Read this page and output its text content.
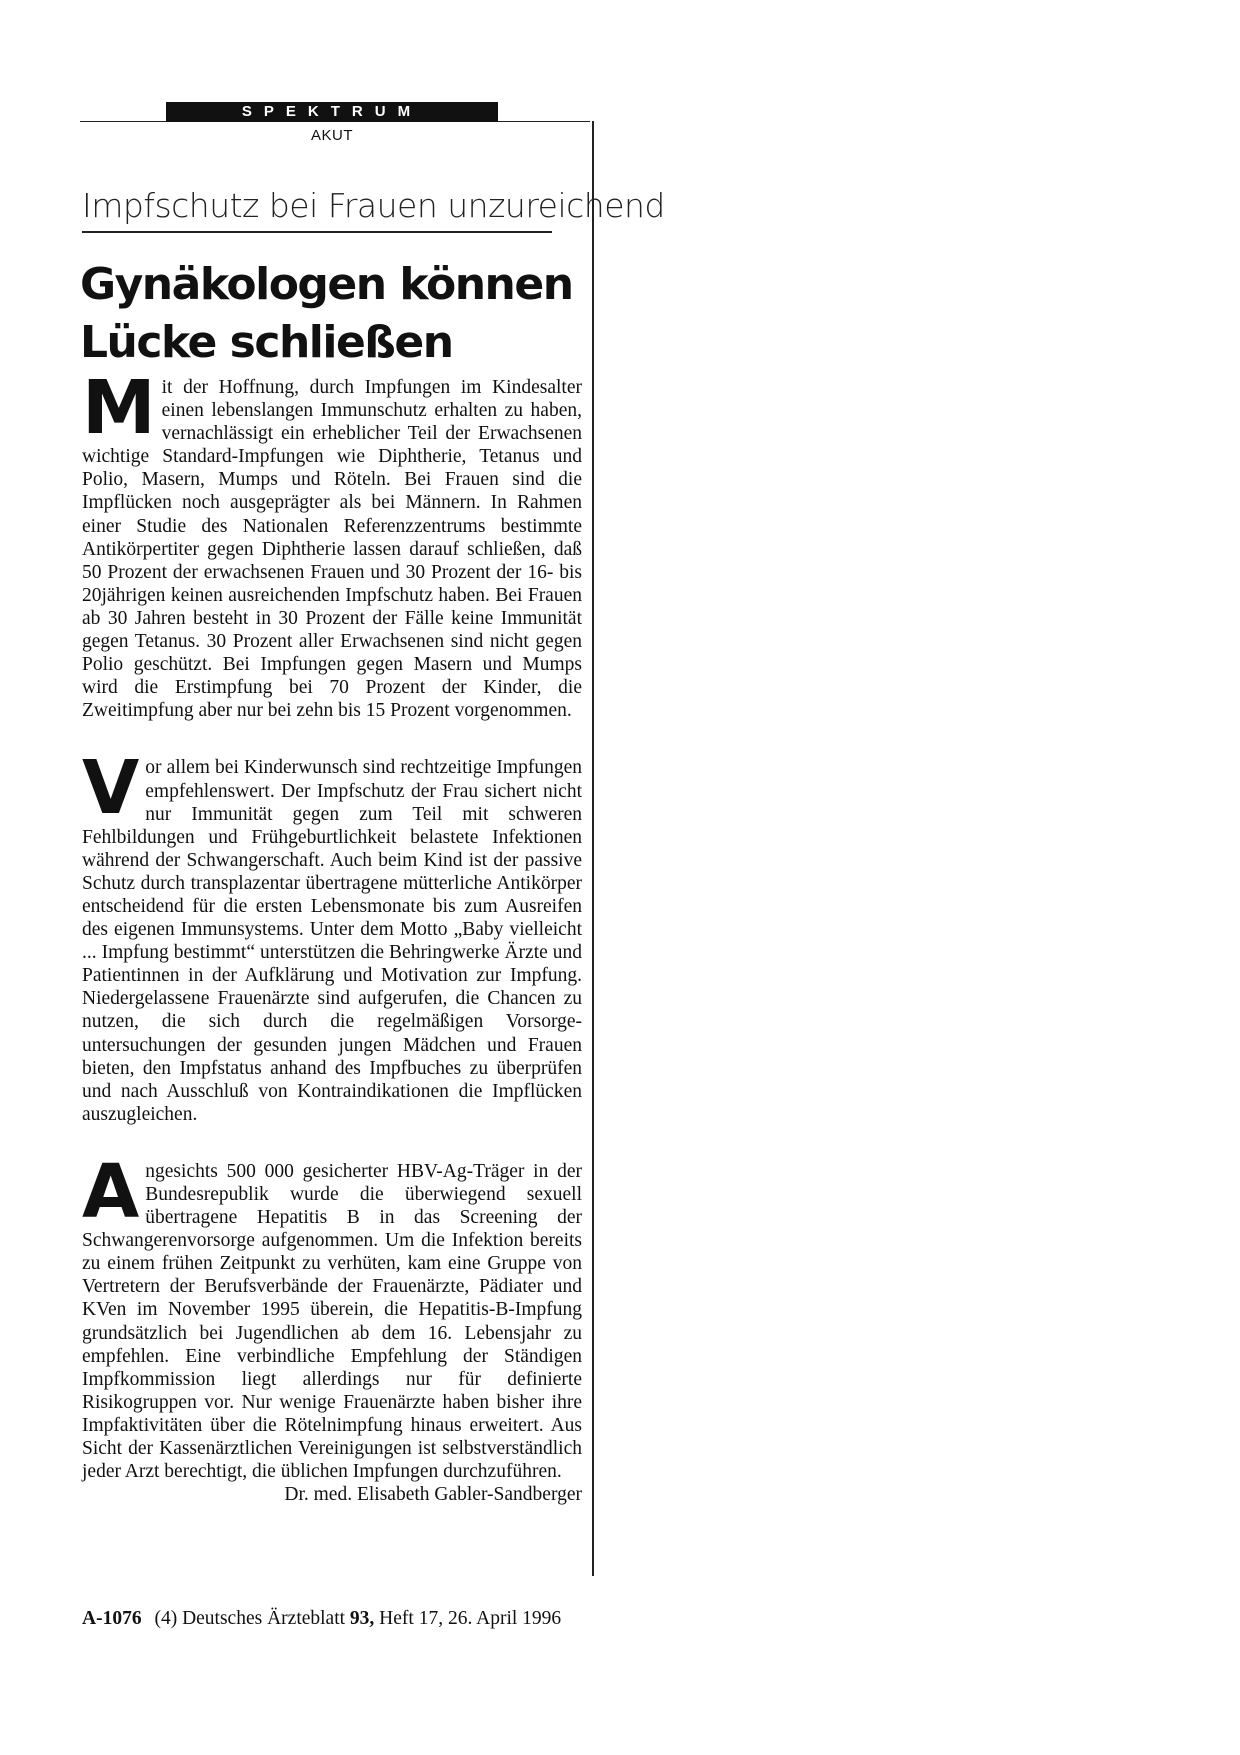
SPEKTRUM
AKUT
Impfschutz bei Frauen unzureichend
Gynäkologen können Lücke schließen

Mit der Hoffnung, durch Impfungen im Kindesalter einen lebenslangen Immunschutz erhalten zu haben, vernachlässigt ein erheblicher Teil der Erwachsenen wichtige Standard-Impfungen wie Diphtherie, Tetanus und Polio, Masern, Mumps und Röteln. Bei Frauen sind die Impflücken noch ausgeprägter als bei Männern. In Rahmen einer Studie des Nationalen Referenzzentrums bestimmte Antikörpertiter gegen Diphtherie lassen darauf schließen, daß 50 Prozent der erwachsenen Frauen und 30 Prozent der 16- bis 20jährigen keinen ausreichenden Impfschutz haben. Bei Frauen ab 30 Jahren besteht in 30 Prozent der Fälle keine Immunität gegen Tetanus. 30 Prozent aller Erwachsenen sind nicht gegen Polio geschützt. Bei Impfungen gegen Masern und Mumps wird die Erstimpfung bei 70 Prozent der Kinder, die Zweitimpfung aber nur bei zehn bis 15 Prozent vorgenommen.

Vor allem bei Kinderwunsch sind rechtzeitige Impfungen empfehlenswert. Der Impfschutz der Frau sichert nicht nur Immunität gegen zum Teil mit schweren Fehlbildungen und Frühgeburtlichkeit belastete Infektionen während der Schwangerschaft. Auch beim Kind ist der passive Schutz durch transplazentar übertragene mütterliche Antikörper entscheidend für die ersten Lebensmonate bis zum Ausreifen des eigenen Immunsystems. Unter dem Motto „Baby vielleicht ... Impfung bestimmt“ unterstützen die Behringwerke Ärzte und Patientinnen in der Aufklärung und Motivation zur Impfung. Niedergelassene Frauenärzte sind aufgerufen, die Chancen zu nutzen, die sich durch die regelmäßigen Vorsorgeuntersuchungen der gesunden jungen Mädchen und Frauen bieten, den Impfstatus anhand des Impfbuches zu überprüfen und nach Ausschluß von Kontraindikationen die Impflücken auszugleichen.

Angesichts 500 000 gesicherter HBV-Ag-Träger in der Bundesrepublik wurde die überwiegend sexuell übertragene Hepatitis B in das Screening der Schwangerenvorsorge aufgenommen. Um die Infektion bereits zu einem frühen Zeitpunkt zu verhüten, kam eine Gruppe von Vertretern der Berufsverbände der Frauenärzte, Pädiater und KVen im November 1995 überein, die Hepatitis-B-Impfung grundsätzlich bei Jugendlichen ab dem 16. Lebensjahr zu empfehlen. Eine verbindliche Empfehlung der Ständigen Impfkommission liegt allerdings nur für definierte Risikogruppen vor. Nur wenige Frauenärzte haben bisher ihre Impfaktivitäten über die Rötelnimpfung hinaus erweitert. Aus Sicht der Kassenärztlichen Vereinigungen ist selbstverständlich jeder Arzt berechtigt, die üblichen Impfungen durchzuführen.
Dr. med. Elisabeth Gabler-Sandberger

A-1076 (4) Deutsches Ärzteblatt 93, Heft 17, 26. April 1996
